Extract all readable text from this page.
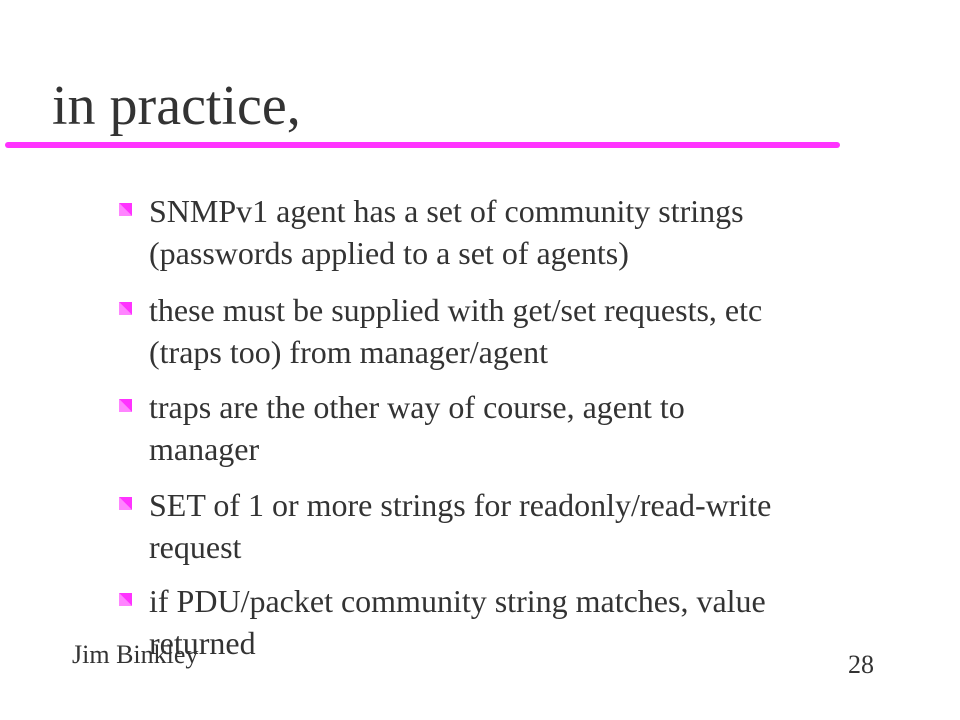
in practice,
SNMPv1 agent has a set of community strings
(passwords applied to a set of agents)
these must be supplied with get/set requests, etc
(traps too) from manager/agent
traps are the other way of course, agent to
manager
SET of 1 or more strings for readonly/read-write
request
if PDU/packet community string matches, value
returned
Jim Binkley	28
